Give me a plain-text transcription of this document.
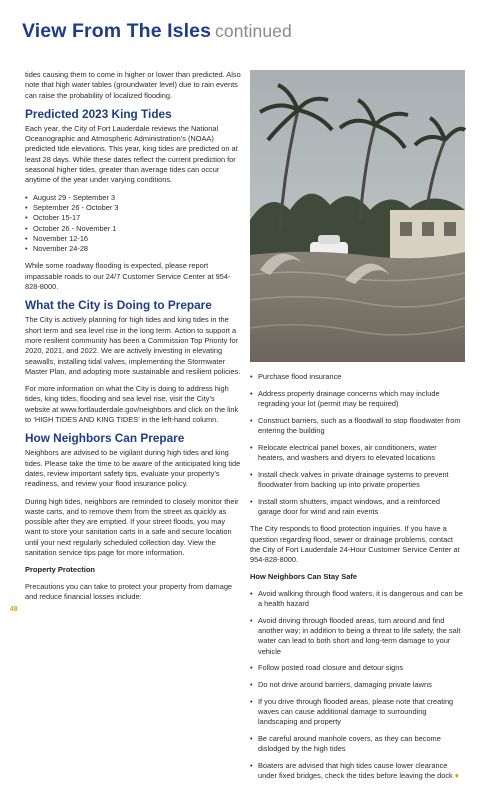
View From The Isles continued

tides causing them to come in higher or lower than predicted. Also note that high water tables (groundwater level) due to rain events can raise the probability of localized flooding.

Predicted 2023 King Tides

Each year, the City of Fort Lauderdale reviews the National Oceanographic and Atmospheric Administration’s (NOAA) predicted tide elevations. This year, king tides are predicted on at least 28 days. While these dates reflect the current prediction for seasonal higher tides, greater than average tides can occur anytime of the year under varying conditions.

• August 29 - September 3
• September 26 - October 3
• October 15-17
• October 26 - November 1
• November 12-16
• November 24-28

While some roadway flooding is expected, please report impassable roads to our 24/7 Customer Service Center at 954-828-8000.

What the City is Doing to Prepare

The City is actively planning for high tides and king tides in the short term and sea level rise in the long term. Action to support a more resilient community has been a Commission Top Priority for 2020, 2021, and 2022. We are actively investing in elevating seawalls, installing tidal valves, implementing the Stormwater Master Plan, and adopting more sustainable and resilient policies.

For more information on what the City is doing to address high tides, king tides, flooding and sea level rise, visit the City’s website at www.fortlauderdale.gov/neighbors and click on the link to ‘HIGH TIDES AND KING TIDES’ in the left-hand column.

How Neighbors Can Prepare

Neighbors are advised to be vigilant during high tides and king tides. Please take the time to be aware of the anticipated king tide dates, review important safety tips, evaluate your property’s readiness, and review your flood insurance policy.

During high tides, neighbors are reminded to closely monitor their waste carts, and to remove them from the street as quickly as possible after they are emptied. If your street floods, you may want to store your sanitation carts in a safe and secure location until your next regularly scheduled collection day. View the sanitation service tips page for more information.

Property Protection

Precautions you can take to protect your property from damage and reduce financial losses include:

• Purchase flood insurance
• Address property drainage concerns which may include regrading your lot (permit may be required)
• Construct barriers, such as a floodwall to stop floodwater from entering the building
• Relocate electrical panel boxes, air conditioners, water heaters, and washers and dryers to elevated locations
• Install check valves in private drainage systems to prevent floodwater from backing up into private properties
• Install storm shutters, impact windows, and a reinforced garage door for wind and rain events

The City responds to flood protection inquiries. If you have a question regarding flood, sewer or drainage problems, contact the City of Fort Lauderdale 24-Hour Customer Service Center at 954-828-8000.

How Neighbors Can Stay Safe
• Avoid walking through flood waters, it is dangerous and can be a health hazard
• Avoid driving through flooded areas, turn around and find another way; in addition to being a threat to life safety, the salt water can lead to both short and long-term damage to your vehicle
• Follow posted road closure and detour signs
• Do not drive around barriers, damaging private lawns
• If you drive through flooded areas, please note that creating waves can cause additional damage to surrounding landscaping and property
• Be careful around manhole covers, as they can become dislodged by the high tides
• Boaters are advised that high tides cause lower clearance under fixed bridges, check the tides before leaving the dock ♦
48
